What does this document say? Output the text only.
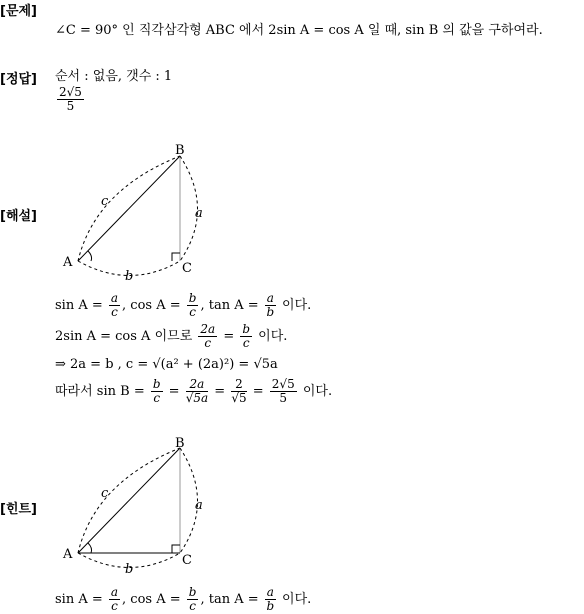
[문제]
∠C = 90° 인 직각삼각형 ABC 에서 2sin A = cos A 일 때, sin B 의 값을 구하여라.
[정답] 순서 : 없음, 갯수 : 1
$\frac{2√5}{5}$
[해설]
A
B
C
a
b
c
$\sin A = \frac{a}{c}$ , $\cos A = \frac{b}{c}$ , $\tan A = \frac{a}{b}$ 이다.
2sin A = cos A 이므로 $\frac{2a}{c} = \frac{b}{c}$ 이다.
⇒ 2a = b , c = √(a² + (2a)²) = √5a
따라서 $\sin B = \frac{b}{c} = \frac{2a}{√5a} = \frac{2}{√5} = \frac{2√5}{5}$ 이다.
[힌트]
A
B
C
a
b
c
$\sin A = \frac{a}{c}$ , $\cos A = \frac{b}{c}$ , $\tan A = \frac{a}{b}$ 이다.
